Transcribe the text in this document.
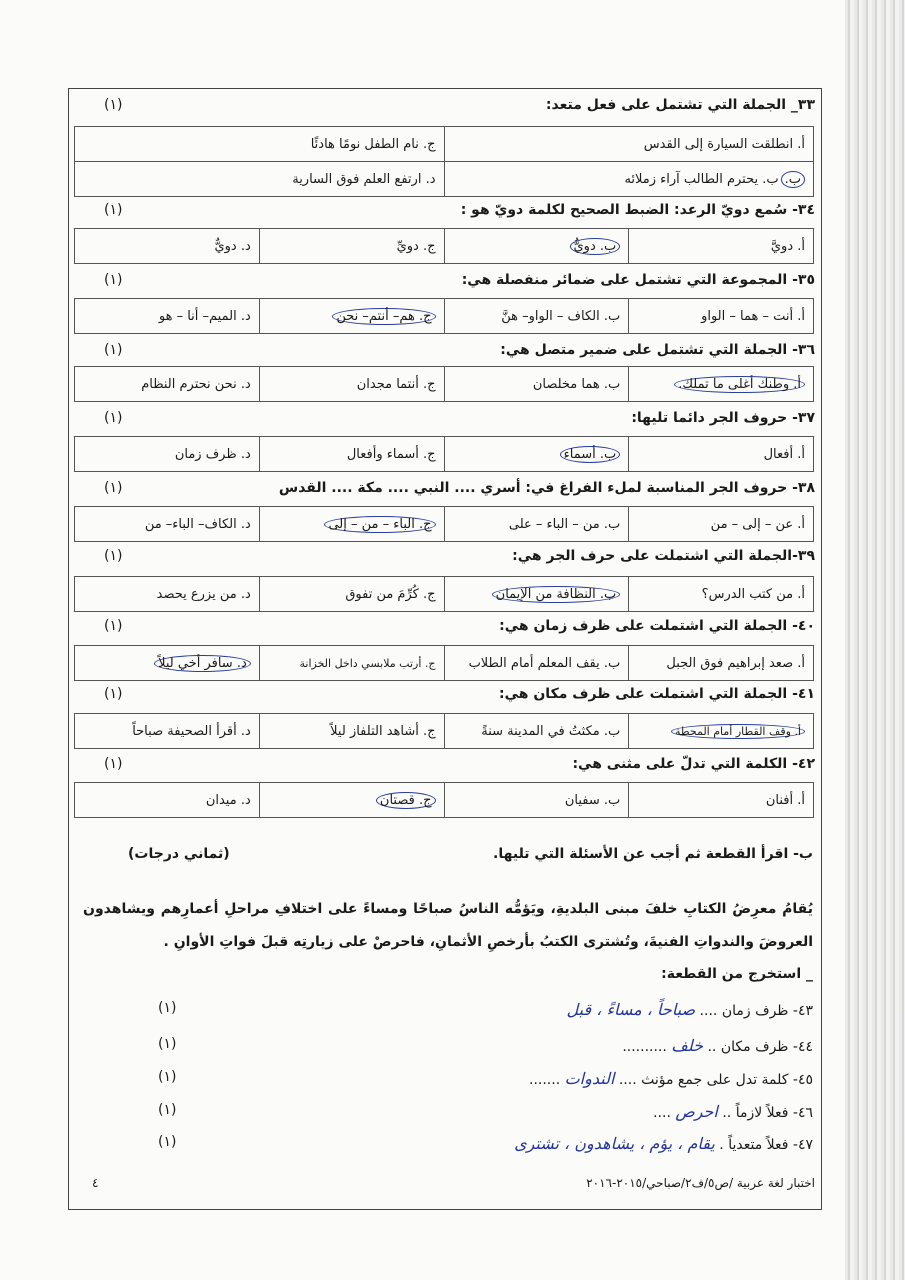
٣٣_ الجملة التي تشتمل على فعل متعد:
(١)
أ. انطلقت السيارة إلى القدس	ج. نام الطفل نومًا هادئًا
ب.ب. يحترم الطالب آراء زملائه	د. ارتفع العلم فوق السارية
٣٤- سُمع دويّ الرعد: الضبط الصحيح لكلمة دويّ هو :
(١)
أ. دويَّ	ب. دويُّ	ج. دويِّ	د. دويٌّ
٣٥- المجموعة التي تشتمل على ضمائر منفصلة هي:
(١)
أ. أنت – هما – الواو	ب. الكاف – الواو– هنَّ	ج. هم– أنتم– نحن	د. الميم– أنا – هو
٣٦- الجملة التي تشتمل على ضمير متصل هي:
(١)
أ. وطنك أغلى ما تملك.	ب. هما مخلصان	ج. أنتما مجدان	د. نحن نحترم النظام
٣٧- حروف الجر دائما تليها:
(١)
أ. أفعال	ب. أسماء	ج. أسماء وأفعال	د. ظرف زمان
٣٨- حروف الجر المناسبة لملء الفراغ في: أسري .... النبي .... مكة .... القدس
(١)
أ. عن – إلى – من	ب. من – الباء – على	ج. الباء – من – إلى	د. الكاف– الباء– من
٣٩-الجملة التي اشتملت على حرف الجر هي:
(١)
أ. من كتب الدرس؟	ب. النظافة من الإيمان	ج. كُرِّمَ من تفوق	د. من يزرع يحصد
٤٠- الجملة التي اشتملت على ظرف زمان هي:
(١)
أ. صعد إبراهيم فوق الجبل	ب. يقف المعلم أمام الطلاب	ج. أرتب ملابسي داخل الخزانة	د. سافر أخي ليلاً
٤١- الجملة التي اشتملت على ظرف مكان هي:
(١)
أ. وقف القطار أمام المحطة	ب. مكثتُ في المدينة سنةً	ج. أشاهد التلفاز ليلاً	د. أقرأ الصحيفة صباحاً
٤٢- الكلمة التي تدلّ على مثنى هي:
(١)
أ. أفنان	ب. سفيان	ج. قصتان	د. ميدان
ب- اقرأ القطعة ثم أجب عن الأسئلة التي تليها.
(ثماني درجات)
يُقامُ معرِضُ الكتابِ خلفَ مبنى البلديةِ، ويَؤمُّه الناسُ صباحًا ومساءً على اختلافِ مراحلِ أعمارِهم ويشاهدون العروضَ والندواتِ الفنيةَ، وتُشترى الكتبُ بأرخصِ الأثمانِ، فاحرصْ على زيارتِه قبلَ فواتِ الأوانِ .
_ استخرج من القطعة:
٤٣- ظرف زمان .... صباحاً ، مساءً ، قبل
(١)
٤٤- ظرف مكان .. خلف ..........
(١)
٤٥- كلمة تدل على جمع مؤنث .... الندوات .......
(١)
٤٦- فعلاً لازماً .. احرص ....
(١)
٤٧- فعلاً متعدياً . يقام ، يؤم ، يشاهدون ، تشترى
(١)
اختبار لغة عربية /ص٥/ف٢/صباحي/٢٠١٥-٢٠١٦
٤
